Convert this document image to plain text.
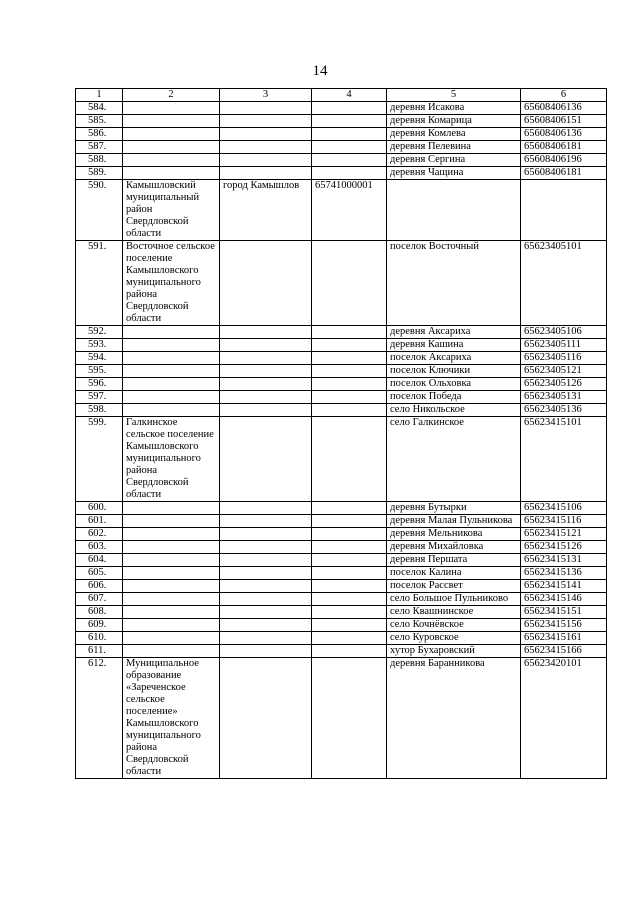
14
1	2	3	4	5	6
584.				деревня Исакова	65608406136
585.				деревня Комарица	65608406151
586.				деревня Комлева	65608406136
587.				деревня Пелевина	65608406181
588.				деревня Сергина	65608406196
589.				деревня Чащина	65608406181
590.	Камышловский муниципальный район Свердловской области	город Камышлов	65741000001		
591.	Восточное сельское поселение Камышловского муниципального района Свердловской области			поселок Восточный	65623405101
592.				деревня Аксариха	65623405106
593.				деревня Кашина	65623405111
594.				поселок Аксариха	65623405116
595.				поселок Ключики	65623405121
596.				поселок Ольховка	65623405126
597.				поселок Победа	65623405131
598.				село Никольское	65623405136
599.	Галкинское сельское поселение Камышловского муниципального района Свердловской области			село Галкинское	65623415101
600.				деревня Бутырки	65623415106
601.				деревня Малая Пульникова	65623415116
602.				деревня Мельникова	65623415121
603.				деревня Михайловка	65623415126
604.				деревня Першата	65623415131
605.				поселок Калина	65623415136
606.				поселок Рассвет	65623415141
607.				село Большое Пульниково	65623415146
608.				село Квашнинское	65623415151
609.				село Кочнёвское	65623415156
610.				село Куровское	65623415161
611.				хутор Бухаровский	65623415166
612.	Муниципальное образование «Зареченское сельское поселение» Камышловского муниципального района Свердловской области			деревня Баранникова	65623420101
